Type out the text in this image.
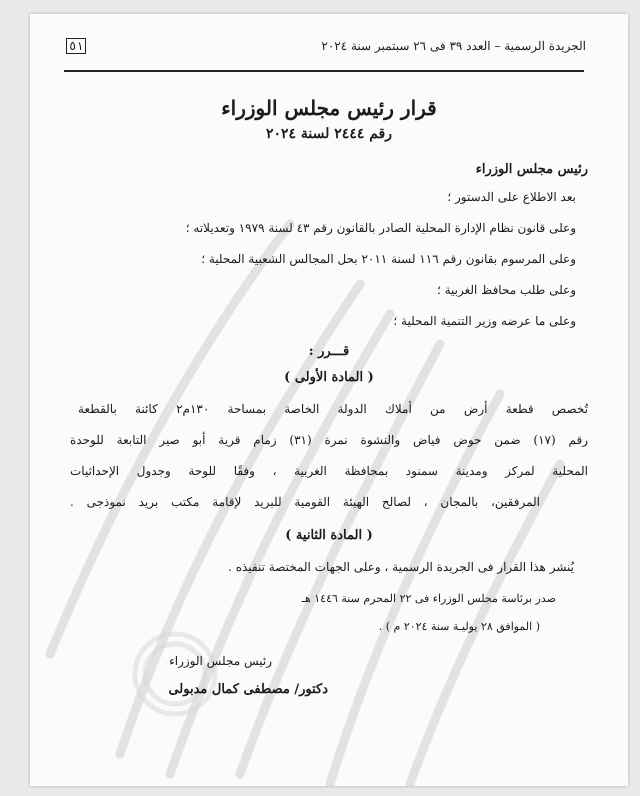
الجريدة الرسمية – العدد ٣٩ فى ٢٦ سبتمبر سنة ٢٠٢٤
٥١
قرار رئيس مجلس الوزراء
رقم ٢٤٤٤ لسنة ٢٠٢٤
رئيس مجلس الوزراء
بعد الاطلاع على الدستور ؛
وعلى قانون نظام الإدارة المحلية الصادر بالقانون رقم ٤٣ لسنة ١٩٧٩ وتعديلاته ؛
وعلى المرسوم بقانون رقم ١١٦ لسنة ٢٠١١ بحل المجالس الشعبية المحلية ؛
وعلى طلب محافظ الغربية ؛
وعلى ما عرضه وزير التنمية المحلية ؛
قـــرر :
( المادة الأولى )
تُخصص قطعة أرض من أملاك الدولة الخاصة بمساحة ١٣٠م٢ كائنة بالقطعة
رقم (١٧) ضمن حوض فياض والنشوة نمرة (٣١) زمام قرية أبو صير التابعة للوحدة
المحلية لمركز ومدينة سمنود بمحافظة الغربية ، وفقًا للوحة وجدول الإحداثيات
المرفقين، بالمجان ، لصالح الهيئة القومية للبريد لإقامة مكتب بريد نموذجى .
( المادة الثانية )
يُنشر هذا القرار فى الجريدة الرسمية ، وعلى الجهات المختصة تنفيذه .
صدر برئاسة مجلس الوزراء فى ٢٢ المحرم سنة ١٤٤٦ هـ
( الموافق ٢٨ يوليـة سنة ٢٠٢٤ م ) .
رئيس مجلس الوزراء
دكتور/ مصطفى كمال مدبولى
